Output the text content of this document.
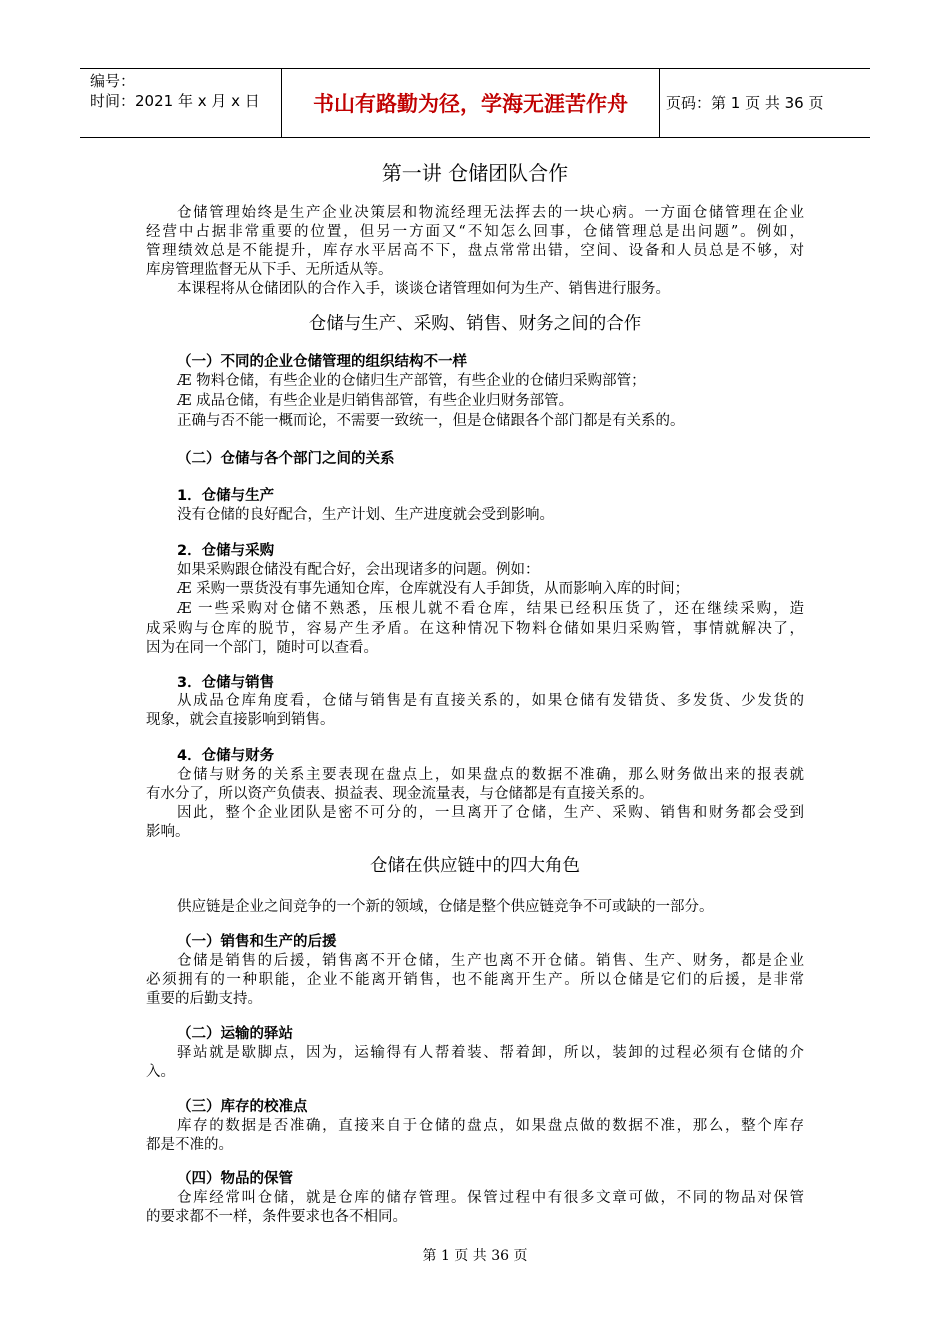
编号：
时间：2021 年 x 月 x 日	书山有路勤为径，学海无涯苦作舟	页码：第 1 页 共 36 页
第一讲 仓储团队合作
仓储管理始终是生产企业决策层和物流经理无法挥去的一块心病。一方面仓储管理在企业
经营中占据非常重要的位置，但另一方面又“不知怎么回事，仓储管理总是出问题”。例如，
管理绩效总是不能提升，库存水平居高不下，盘点常常出错，空间、设备和人员总是不够，对
库房管理监督无从下手、无所适从等。
本课程将从仓储团队的合作入手，谈谈仓诸管理如何为生产、销售进行服务。
仓储与生产、采购、销售、财务之间的合作
（一）不同的企业仓储管理的组织结构不一样
Æ 物料仓储，有些企业的仓储归生产部管，有些企业的仓储归采购部管；
Æ 成品仓储，有些企业是归销售部管，有些企业归财务部管。
正确与否不能一概而论，不需要一致统一，但是仓储跟各个部门都是有关系的。
（二）仓储与各个部门之间的关系
1．仓储与生产
没有仓储的良好配合，生产计划、生产进度就会受到影响。
2．仓储与采购
如果采购跟仓储没有配合好，会出现诸多的问题。例如：
Æ 采购一票货没有事先通知仓库，仓库就没有人手卸货，从而影响入库的时间；
Æ 一些采购对仓储不熟悉，压根儿就不看仓库，结果已经积压货了，还在继续采购，造
成采购与仓库的脱节，容易产生矛盾。在这种情况下物料仓储如果归采购管，事情就解决了，
因为在同一个部门，随时可以查看。
3．仓储与销售
从成品仓库角度看，仓储与销售是有直接关系的，如果仓储有发错货、多发货、少发货的
现象，就会直接影响到销售。
4．仓储与财务
仓储与财务的关系主要表现在盘点上，如果盘点的数据不准确，那么财务做出来的报表就
有水分了，所以资产负债表、损益表、现金流量表，与仓储都是有直接关系的。
因此，整个企业团队是密不可分的，一旦离开了仓储，生产、采购、销售和财务都会受到
影响。
仓储在供应链中的四大角色
供应链是企业之间竞争的一个新的领域，仓储是整个供应链竞争不可或缺的一部分。
（一）销售和生产的后援
仓储是销售的后援，销售离不开仓储，生产也离不开仓储。销售、生产、财务，都是企业
必须拥有的一种职能，企业不能离开销售，也不能离开生产。所以仓储是它们的后援，是非常
重要的后勤支持。
（二）运输的驿站
驿站就是歇脚点，因为，运输得有人帮着装、帮着卸，所以，装卸的过程必须有仓储的介
入。
（三）库存的校准点
库存的数据是否准确，直接来自于仓储的盘点，如果盘点做的数据不准，那么，整个库存
都是不准的。
（四）物品的保管
仓库经常叫仓储，就是仓库的储存管理。保管过程中有很多文章可做，不同的物品对保管
的要求都不一样，条件要求也各不相同。
第 1 页 共 36 页
